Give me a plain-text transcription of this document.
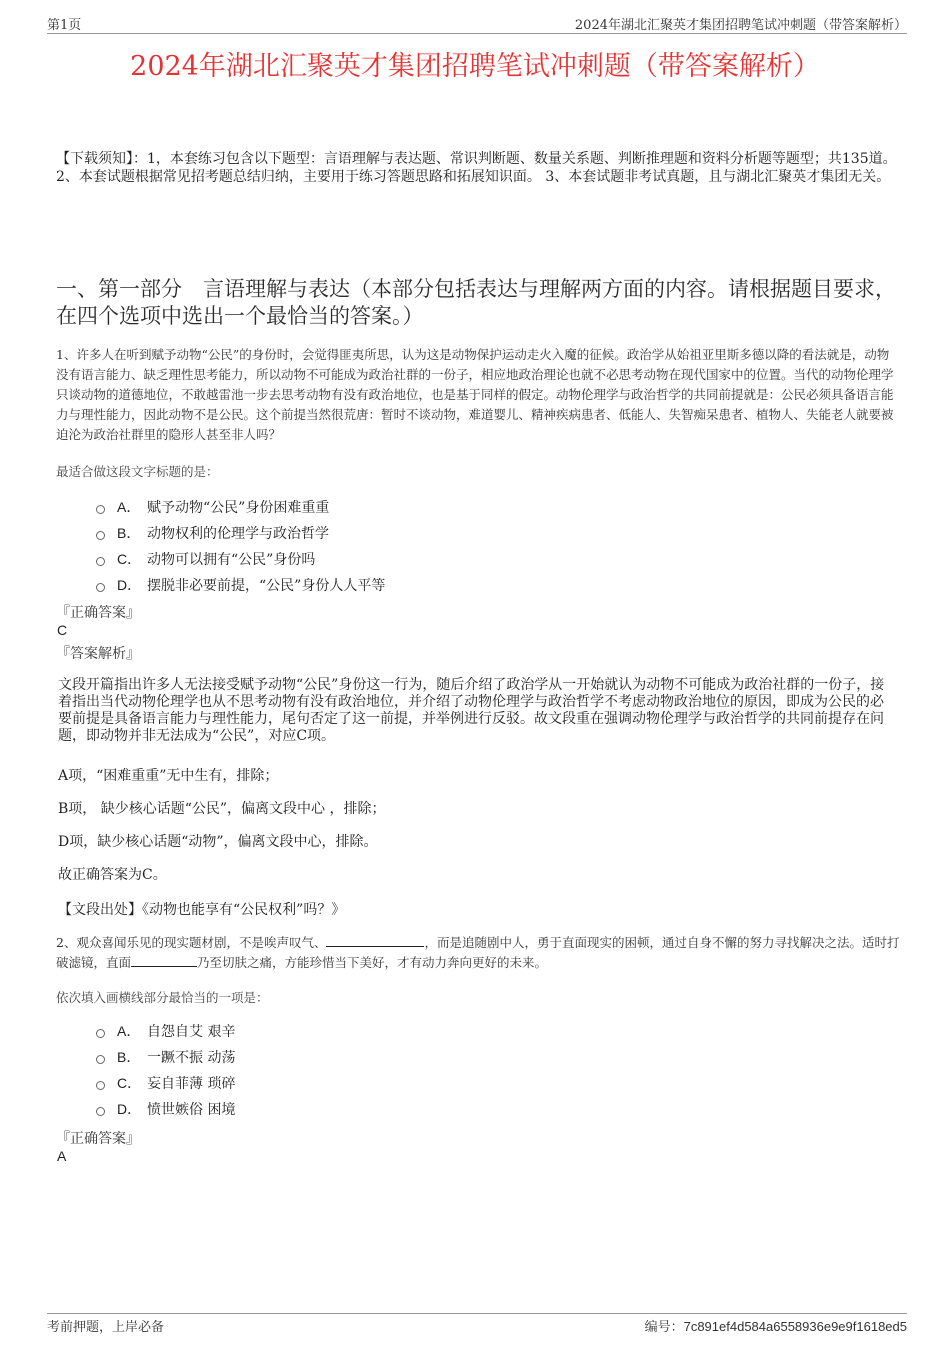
第1页	2024年湖北汇聚英才集团招聘笔试冲刺题（带答案解析）
2024年湖北汇聚英才集团招聘笔试冲刺题（带答案解析）
【下载须知】：1，本套练习包含以下题型：言语理解与表达题、常识判断题、数量关系题、判断推理题和资料分析题等题型；共135道。 2、本套试题根据常见招考题总结归纳，主要用于练习答题思路和拓展知识面。 3、本套试题非考试真题，且与湖北汇聚英才集团无关。
一、第一部分　言语理解与表达（本部分包括表达与理解两方面的内容。请根据题目要求，在四个选项中选出一个最恰当的答案。）
1、许多人在听到赋予动物“公民”的身份时，会觉得匪夷所思，认为这是动物保护运动走火入魔的征候。政治学从始祖亚里斯多德以降的看法就是，动物没有语言能力、缺乏理性思考能力，所以动物不可能成为政治社群的一份子，相应地政治理论也就不必思考动物在现代国家中的位置。当代的动物伦理学只谈动物的道德地位，不敢越雷池一步去思考动物有没有政治地位，也是基于同样的假定。动物伦理学与政治哲学的共同前提就是：公民必须具备语言能力与理性能力，因此动物不是公民。这个前提当然很荒唐：暂时不谈动物，难道婴儿、精神疾病患者、低能人、失智痴呆患者、植物人、失能老人就要被迫沦为政治社群里的隐形人甚至非人吗？
最适合做这段文字标题的是：
A． 赋予动物“公民”身份困难重重
B． 动物权利的伦理学与政治哲学
C． 动物可以拥有“公民”身份吗
D． 摆脱非必要前提，“公民”身份人人平等
『正确答案』
C
『答案解析』
文段开篇指出许多人无法接受赋予动物“公民”身份这一行为，随后介绍了政治学从一开始就认为动物不可能成为政治社群的一份子，接着指出当代动物伦理学也从不思考动物有没有政治地位，并介绍了动物伦理学与政治哲学不考虑动物政治地位的原因，即成为公民的必要前提是具备语言能力与理性能力，尾句否定了这一前提，并举例进行反驳。故文段重在强调动物伦理学与政治哲学的共同前提存在问题，即动物并非无法成为“公民”，对应C项。
A项，“困难重重”无中生有，排除；
B项， 缺少核心话题“公民”，偏离文段中心 ，排除；
D项，缺少核心话题“动物”，偏离文段中心，排除。
故正确答案为C。
【文段出处】《动物也能享有“公民权利”吗？》
2、观众喜闻乐见的现实题材剧，不是唉声叹气、	，而是追随剧中人，勇于直面现实的困顿，通过自身不懈的努力寻找解决之法。适时打破滤镜，直面	乃至切肤之痛，方能珍惜当下美好，才有动力奔向更好的未来。
依次填入画横线部分最恰当的一项是：
A． 自怨自艾 艰辛
B． 一蹶不振 动荡
C． 妄自菲薄 琐碎
D． 愤世嫉俗 困境
『正确答案』
A
考前押题，上岸必备	编号：7c891ef4d584a6558936e9e9f1618ed5
